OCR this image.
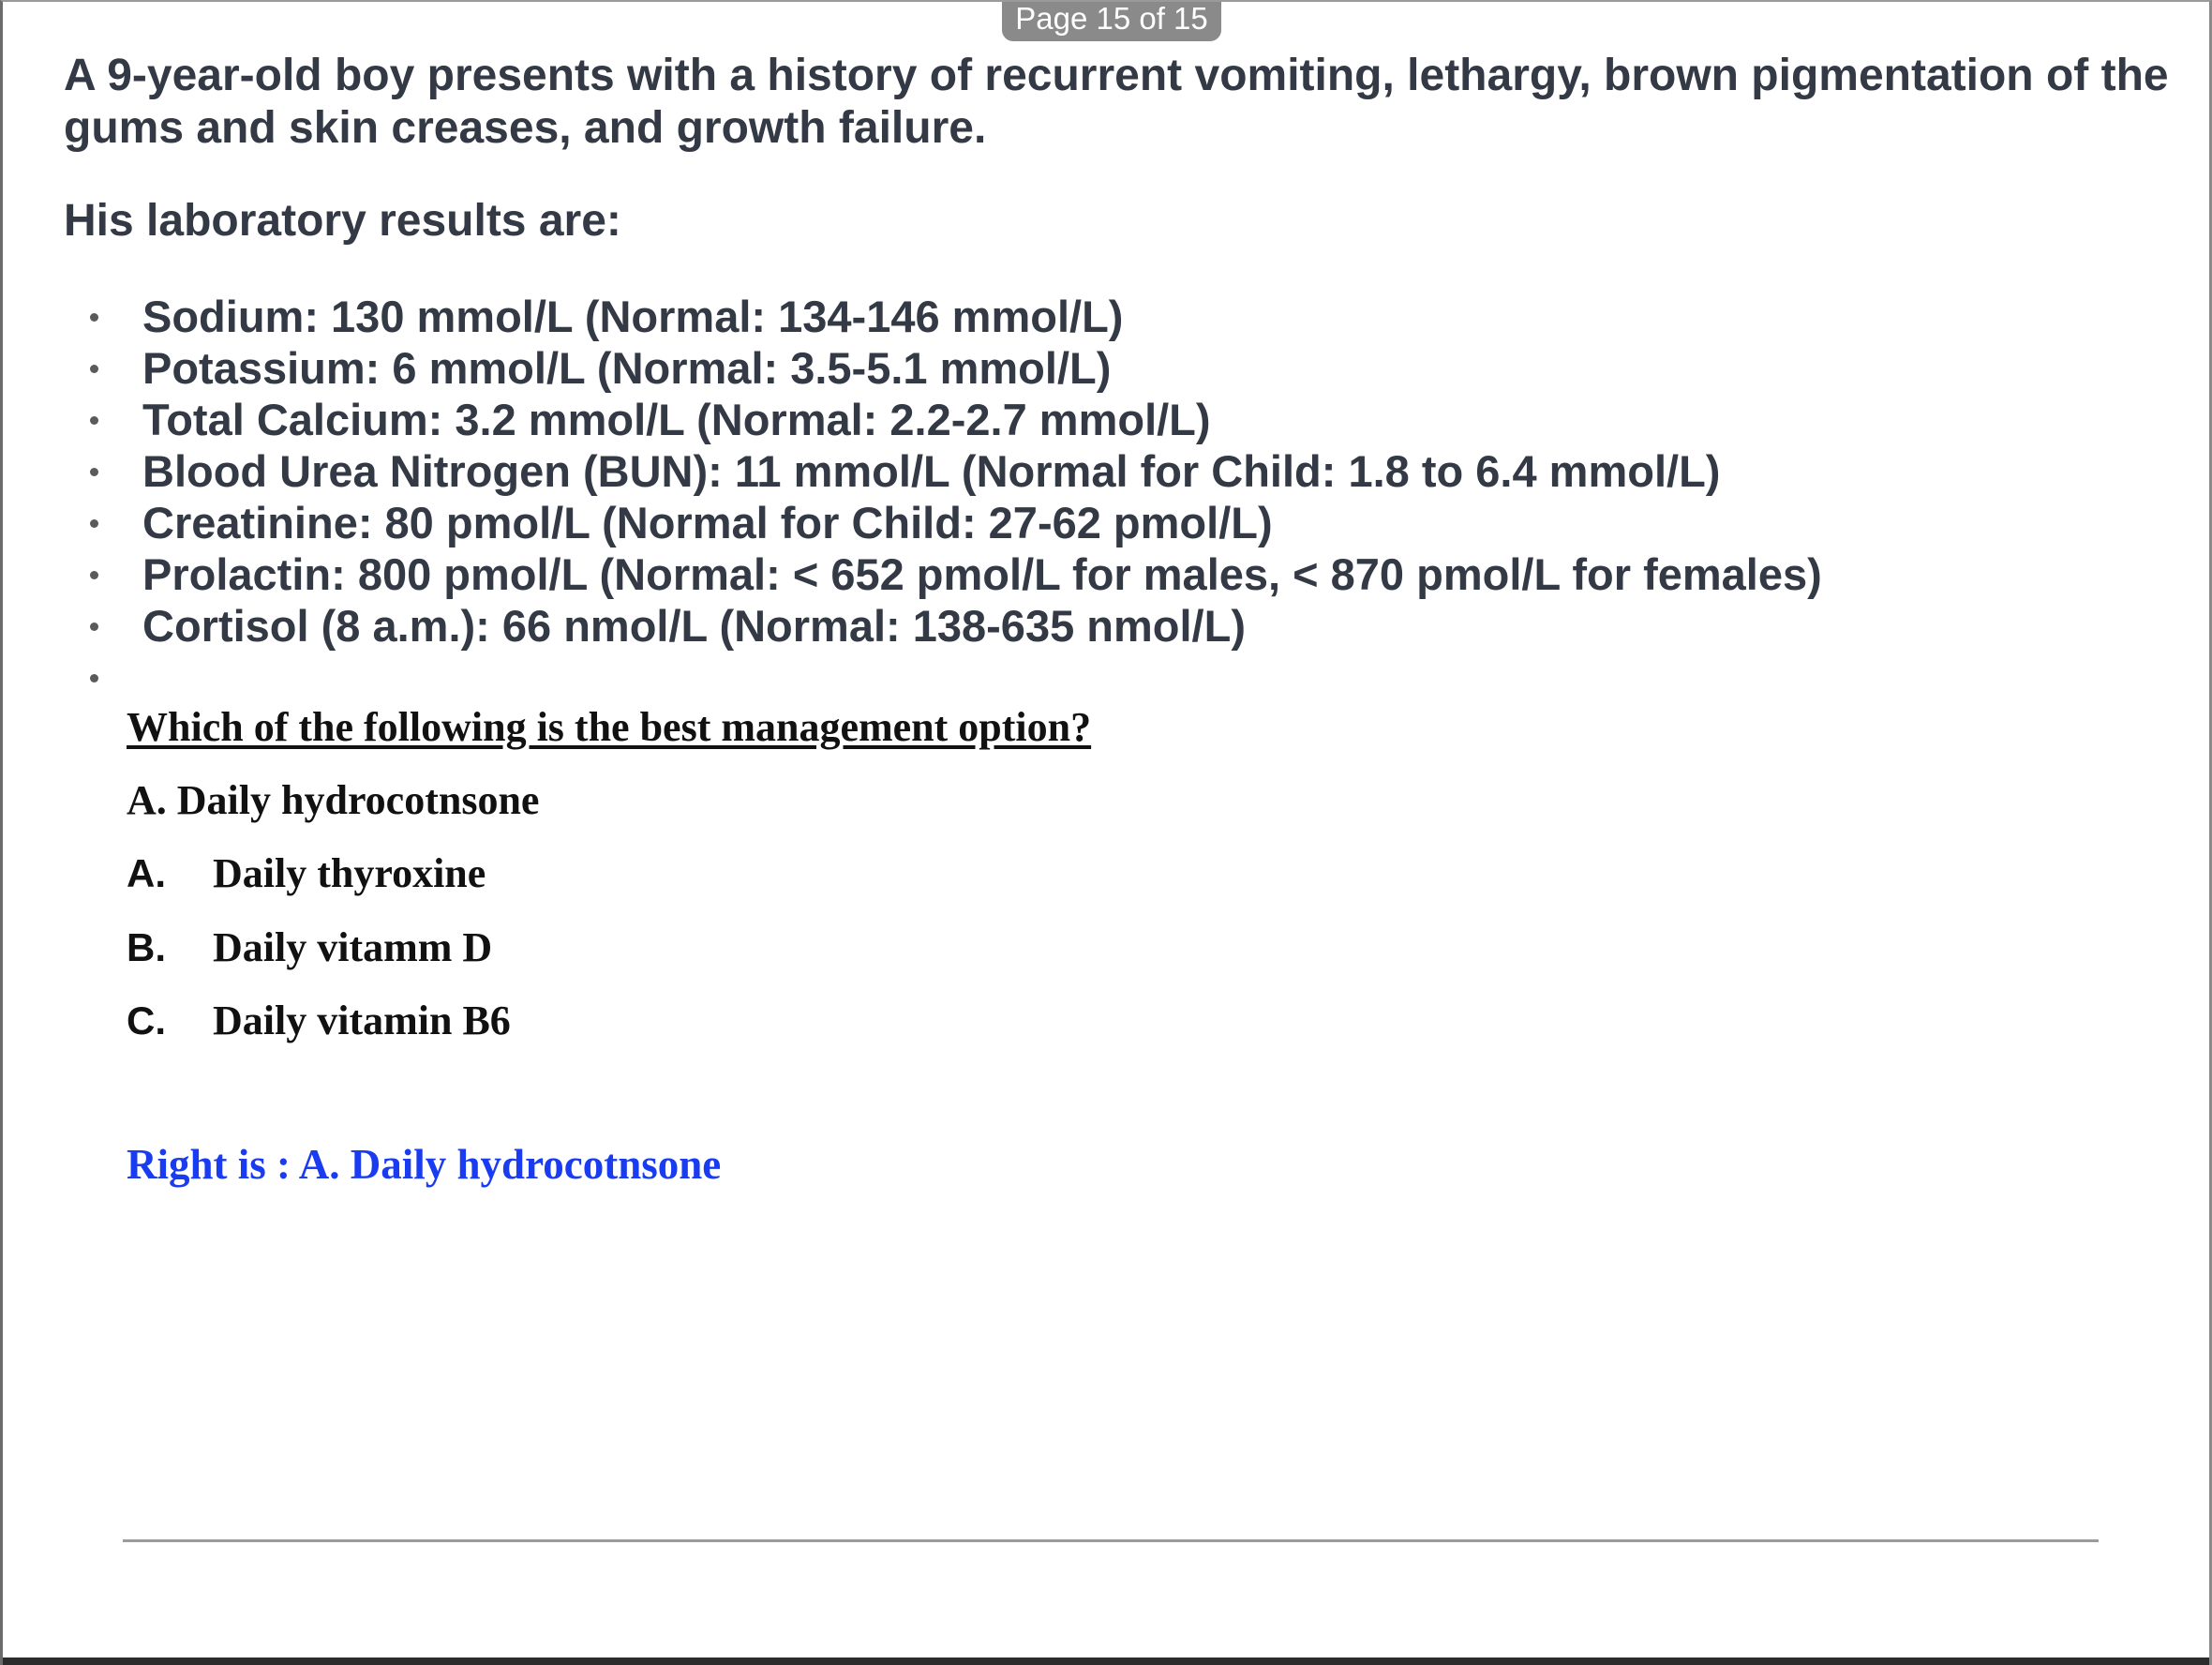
Page 15 of 15

A 9-year-old boy presents with a history of recurrent vomiting, lethargy, brown pigmentation of the gums and skin creases, and growth failure.

His laboratory results are:

Sodium: 130 mmol/L (Normal: 134-146 mmol/L)
Potassium: 6 mmol/L (Normal: 3.5-5.1 mmol/L)
Total Calcium: 3.2 mmol/L (Normal: 2.2-2.7 mmol/L)
Blood Urea Nitrogen (BUN): 11 mmol/L (Normal for Child: 1.8 to 6.4 mmol/L)
Creatinine: 80 pmol/L (Normal for Child: 27-62 pmol/L)
Prolactin: 800 pmol/L (Normal: < 652 pmol/L for males, < 870 pmol/L for females)
Cortisol (8 a.m.): 66 nmol/L (Normal: 138-635 nmol/L)
Which of the following is the best management option?
A. Daily hydrocotnsone
A. Daily thyroxine
B. Daily vitamm D
C. Daily vitamin B6
Right is : A. Daily hydrocotnsone
